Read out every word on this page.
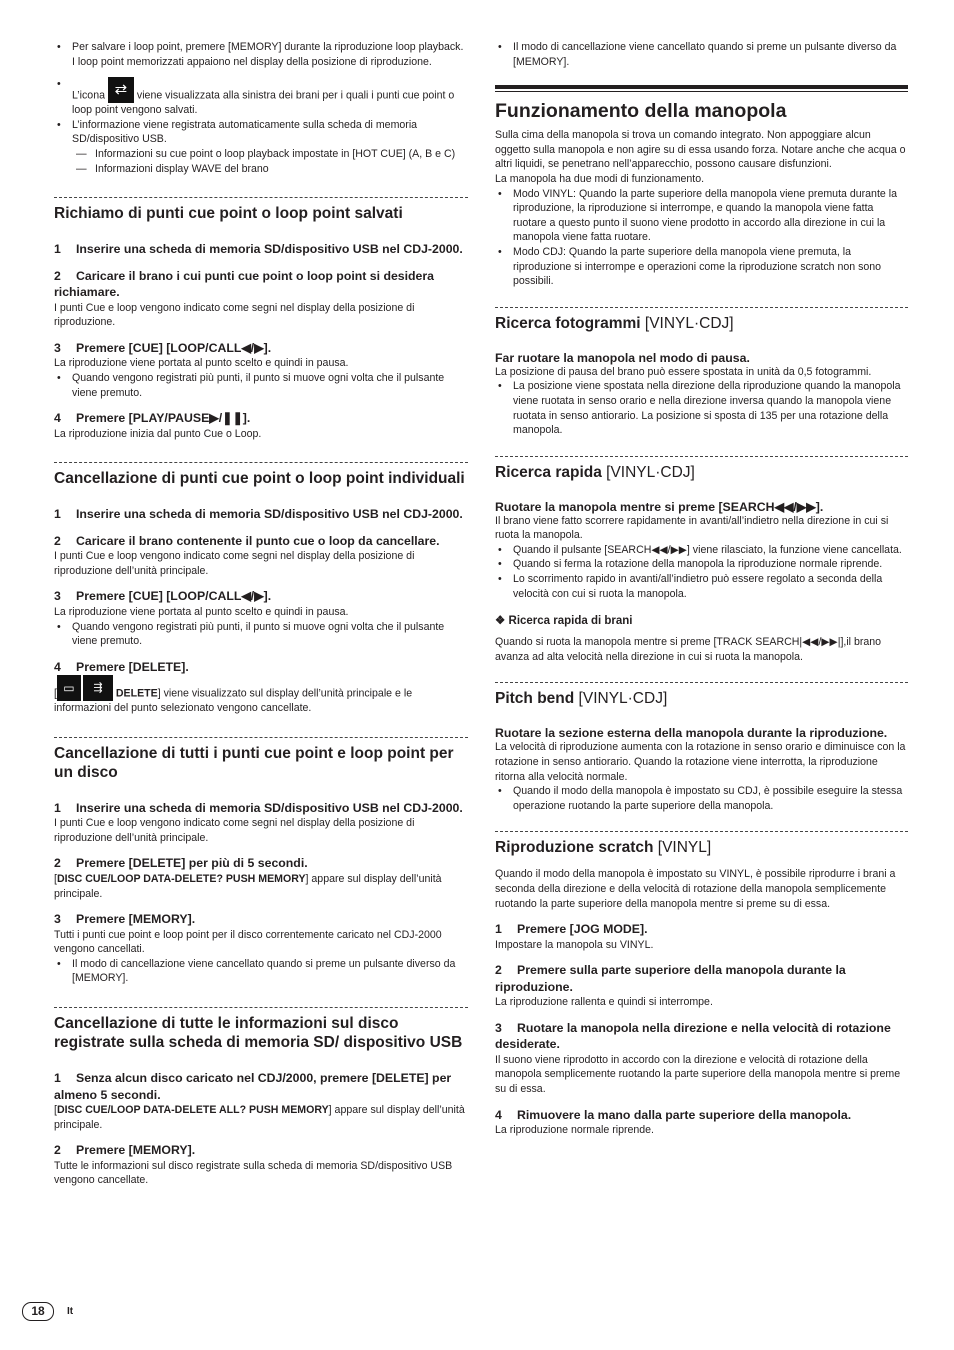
• Per salvare i loop point, premere [MEMORY] durante la riproduzione loop playback. I loop point memorizzati appaiono nel display della posizione di riproduzione.

• L’icona ⇄ viene visualizzata alla sinistra dei brani per i quali i punti cue point o loop point vengono salvati.

• L’informazione viene registrata automaticamente sulla scheda di memoria SD/dispositivo USB.

— Informazioni su cue point o loop playback impostate in [HOT CUE] (A, B e C)

— Informazioni display WAVE del brano

Richiamo di punti cue point o loop point salvati
1 Inserire una scheda di memoria SD/dispositivo USB nel CDJ-2000.
2 Caricare il brano i cui punti cue point o loop point si desidera richiamare.

I punti Cue e loop vengono indicato come segni nel display della posizione di riproduzione.

3 Premere [CUE] [LOOP/CALL◀/▶].

La riproduzione viene portata al punto scelto e quindi in pausa.

• Quando vengono registrati più punti, il punto si muove ogni volta che il pulsante viene premuto.

4 Premere [PLAY/PAUSE▶/❚❚].

La riproduzione inizia dal punto Cue o Loop.

Cancellazione di punti cue point o loop point individuali
1 Inserire una scheda di memoria SD/dispositivo USB nel CDJ-2000.
2 Caricare il brano contenente il punto cue o loop da cancellare.

I punti Cue e loop vengono indicato come segni nel display della posizione di riproduzione dell’unità principale.

3 Premere [CUE] [LOOP/CALL◀/▶].

La riproduzione viene portata al punto scelto e quindi in pausa.

• Quando vengono registrati più punti, il punto si muove ogni volta che il pulsante viene premuto.

4 Premere [DELETE].

[ ▭ ⇶ DELETE] viene visualizzato sul display dell’unità principale e le informazioni del punto selezionato vengono cancellate.

Cancellazione di tutti i punti cue point e loop point per un disco
1 Inserire una scheda di memoria SD/dispositivo USB nel CDJ-2000.

I punti Cue e loop vengono indicato come segni nel display della posizione di riproduzione dell’unità principale.

2 Premere [DELETE] per più di 5 secondi.

[DISC CUE/LOOP DATA-DELETE? PUSH MEMORY] appare sul display dell’unità principale.

3 Premere [MEMORY].

Tutti i punti cue point e loop point per il disco correntemente caricato nel CDJ-2000 vengono cancellati.

• Il modo di cancellazione viene cancellato quando si preme un pulsante diverso da [MEMORY].

Cancellazione di tutte le informazioni sul disco registrate sulla scheda di memoria SD/ dispositivo USB
1 Senza alcun disco caricato nel CDJ/2000, premere [DELETE] per almeno 5 secondi.

[DISC CUE/LOOP DATA-DELETE ALL? PUSH MEMORY] appare sul display dell’unità principale.

2 Premere [MEMORY].

Tutte le informazioni sul disco registrate sulla scheda di memoria SD/dispositivo USB vengono cancellate.

• Il modo di cancellazione viene cancellato quando si preme un pulsante diverso da [MEMORY].

Funzionamento della manopola

Sulla cima della manopola si trova un comando integrato. Non appoggiare alcun oggetto sulla manopola e non agire su di essa usando forza. Notare anche che acqua o altri liquidi, se penetrano nell’apparecchio, possono causare disfunzioni.

La manopola ha due modi di funzionamento.

• Modo VINYL: Quando la parte superiore della manopola viene premuta durante la riproduzione, la riproduzione si interrompe, e quando la manopola viene fatta ruotare a questo punto il suono viene prodotto in accordo alla direzione in cui la manopola viene fatta ruotare.

• Modo CDJ: Quando la parte superiore della manopola viene premuta, la riproduzione si interrompe e operazioni come la riproduzione scratch non sono possibili.

Ricerca fotogrammi [VINYL·CDJ]
Far ruotare la manopola nel modo di pausa.

La posizione di pausa del brano può essere spostata in unità da 0,5 fotogrammi.

• La posizione viene spostata nella direzione della riproduzione quando la manopola viene ruotata in senso orario e nella direzione inversa quando la manopola viene ruotata in senso antiorario. La posizione si sposta di 135 per una rotazione della manopola.

Ricerca rapida [VINYL·CDJ]
Ruotare la manopola mentre si preme [SEARCH◀◀/▶▶].

Il brano viene fatto scorrere rapidamente in avanti/all’indietro nella direzione in cui si ruota la manopola.

• Quando il pulsante [SEARCH◀◀/▶▶] viene rilasciato, la funzione viene cancellata.

• Quando si ferma la rotazione della manopola la riproduzione normale riprende.

• Lo scorrimento rapido in avanti/all’indietro può essere regolato a seconda della velocità con cui si ruota la manopola.

❖ Ricerca rapida di brani

Quando si ruota la manopola mentre si preme [TRACK SEARCH|◀◀/▶▶|],il brano avanza ad alta velocità nella direzione in cui si ruota la manopola.

Pitch bend [VINYL·CDJ]
Ruotare la sezione esterna della manopola durante la riproduzione.

La velocità di riproduzione aumenta con la rotazione in senso orario e diminuisce con la rotazione in senso antiorario. Quando la rotazione viene interrotta, la riproduzione ritorna alla velocità normale.

• Quando il modo della manopola è impostato su CDJ, è possibile eseguire la stessa operazione ruotando la parte superiore della manopola.

Riproduzione scratch [VINYL]

Quando il modo della manopola è impostato su VINYL, è possibile riprodurre i brani a seconda della direzione e della velocità di rotazione della manopola semplicemente ruotando la parte superiore della manopola mentre si preme su di essa.

1 Premere [JOG MODE].

Impostare la manopola su VINYL.

2 Premere sulla parte superiore della manopola durante la riproduzione.

La riproduzione rallenta e quindi si interrompe.

3 Ruotare la manopola nella direzione e nella velocità di rotazione desiderate.

Il suono viene riprodotto in accordo con la direzione e velocità di rotazione della manopola semplicemente ruotando la parte superiore della manopola mentre si preme su di essa.

4 Rimuovere la mano dalla parte superiore della manopola.

La riproduzione normale riprende.

18	It
